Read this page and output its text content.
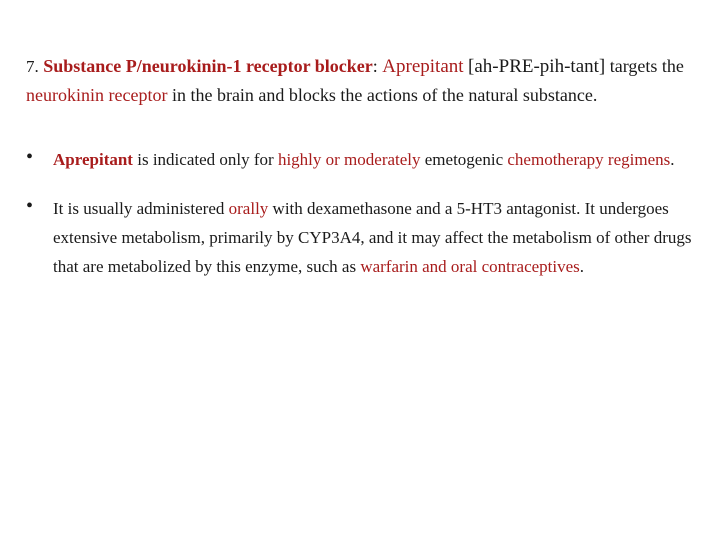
7. Substance P/neurokinin-1 receptor blocker: Aprepitant [ah-PRE-pih-tant] targets the neurokinin receptor in the brain and blocks the actions of the natural substance.

• Aprepitant is indicated only for highly or moderately emetogenic chemotherapy regimens.
• It is usually administered orally with dexamethasone and a 5-HT3 antagonist. It undergoes extensive metabolism, primarily by CYP3A4, and it may affect the metabolism of other drugs that are metabolized by this enzyme, such as warfarin and oral contraceptives.
